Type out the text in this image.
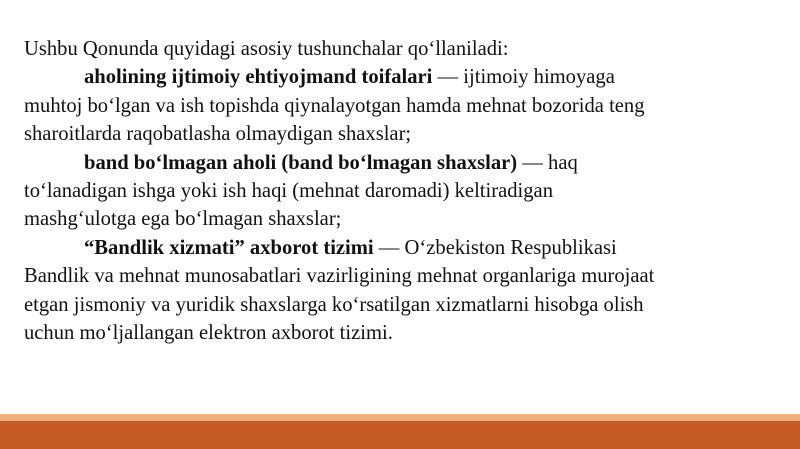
Ushbu Qonunda quyidagi asosiy tushunchalar qo‘llaniladi:

aholining ijtimoiy ehtiyojmand toifalari — ijtimoiy himoyaga

muhtoj bo‘lgan va ish topishda qiynalayotgan hamda mehnat bozorida teng

sharoitlarda raqobatlasha olmaydigan shaxslar;

band bo‘lmagan aholi (band bo‘lmagan shaxslar) — haq

to‘lanadigan ishga yoki ish haqi (mehnat daromadi) keltiradigan

mashg‘ulotga ega bo‘lmagan shaxslar;

“Bandlik xizmati” axborot tizimi — O‘zbekiston Respublikasi

Bandlik va mehnat munosabatlari vazirligining mehnat organlariga murojaat

etgan jismoniy va yuridik shaxslarga ko‘rsatilgan xizmatlarni hisobga olish

uchun mo‘ljallangan elektron axborot tizimi.
